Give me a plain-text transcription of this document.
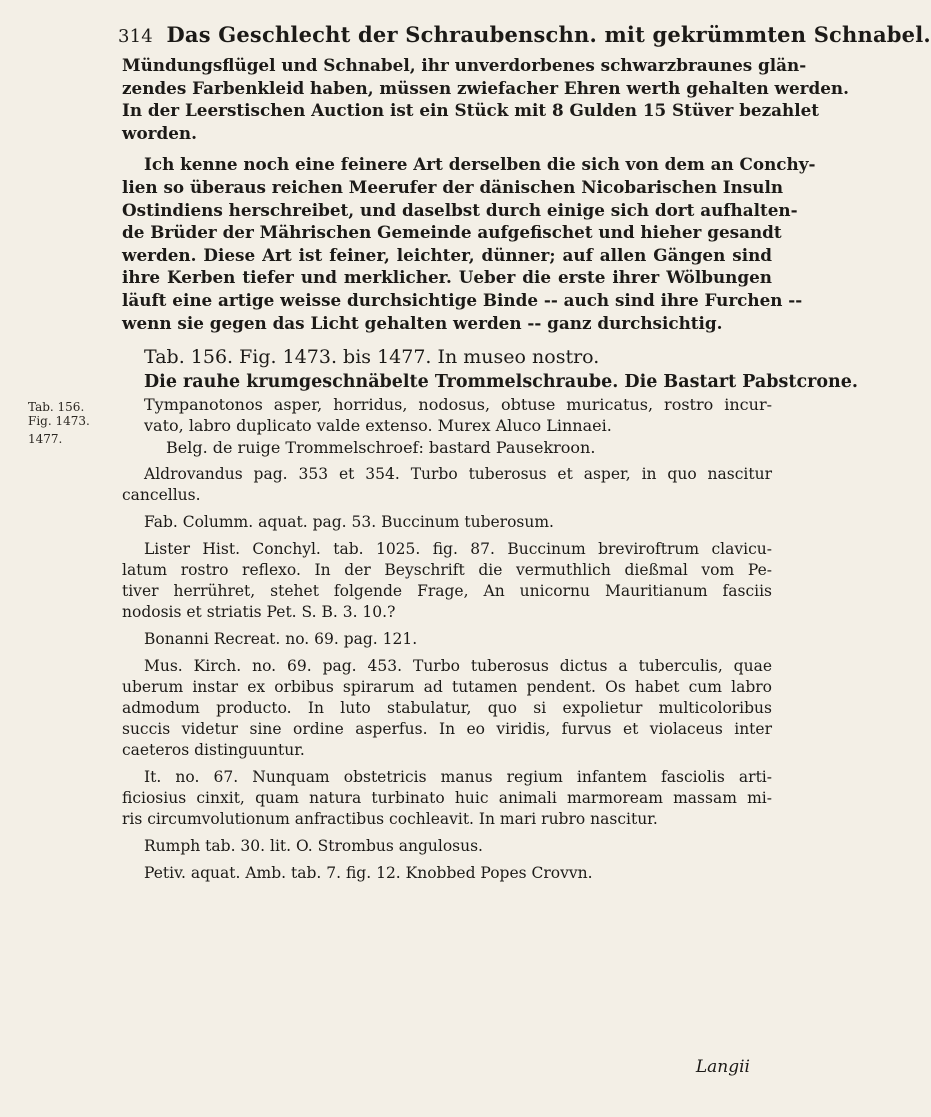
314 Das Geschlecht der Schraubenschn. mit gekrümmten Schnabel.
Tab. 156.
Fig. 1473.
1477.

Mündungsflügel und Schnabel, ihr unverdorbenes schwarzbraunes glän-
zendes Farbenkleid haben, müssen zwiefacher Ehren werth gehalten werden.
In der Leerstischen Auction ist ein Stück mit 8 Gulden 15 Stüver bezahlet
worden.

Ich kenne noch eine feinere Art derselben die sich von dem an Conchy-
lien so überaus reichen Meerufer der dänischen Nicobarischen Insuln
Ostindiens herschreibet, und daselbst durch einige sich dort aufhalten-
de Brüder der Mährischen Gemeinde aufgefischet und hieher gesandt
werden. Diese Art ist feiner, leichter, dünner; auf allen Gängen sind
ihre Kerben tiefer und merklicher. Ueber die erste ihrer Wölbungen
läuft eine artige weisse durchsichtige Binde -- auch sind ihre Furchen --
wenn sie gegen das Licht gehalten werden -- ganz durchsichtig.

Tab. 156. Fig. 1473. bis 1477. In museo nostro.

Die rauhe krumgeschnäbelte Trommelschraube. Die Bastart Pabstcrone.

Tympanotonos asper, horridus, nodosus, obtuse muricatus, rostro incur-
vato, labro duplicato valde extenso. Murex Aluco Linnaei.
Belg. de ruige Trommelschroef: bastard Pausekroon.
Aldrovandus pag. 353 et 354. Turbo tuberosus et asper, in quo nascitur
cancellus.
Fab. Columm. aquat. pag. 53. Buccinum tuberosum.
Lister Hist. Conchyl. tab. 1025. fig. 87. Buccinum breviroftrum clavicu-
latum rostro reflexo. In der Beyschrift die vermuthlich dießmal vom Pe-
tiver herrühret, stehet folgende Frage, An unicornu Mauritianum fasciis
nodosis et striatis Pet. S. B. 3. 10.?
Bonanni Recreat. no. 69. pag. 121.
Mus. Kirch. no. 69. pag. 453. Turbo tuberosus dictus a tuberculis, quae
uberum instar ex orbibus spirarum ad tutamen pendent. Os habet cum labro
admodum producto. In luto stabulatur, quo si expolietur multicoloribus
succis videtur sine ordine asperfus. In eo viridis, furvus et violaceus inter
caeteros distinguuntur.
It. no. 67. Nunquam obstetricis manus regium infantem fasciolis arti-
ficiosius cinxit, quam natura turbinato huic animali marmoream massam mi-
ris circumvolutionum anfractibus cochleavit. In mari rubro nascitur.
Rumph tab. 30. lit. O. Strombus angulosus.
Petiv. aquat. Amb. tab. 7. fig. 12. Knobbed Popes Crovvn.
Langii
